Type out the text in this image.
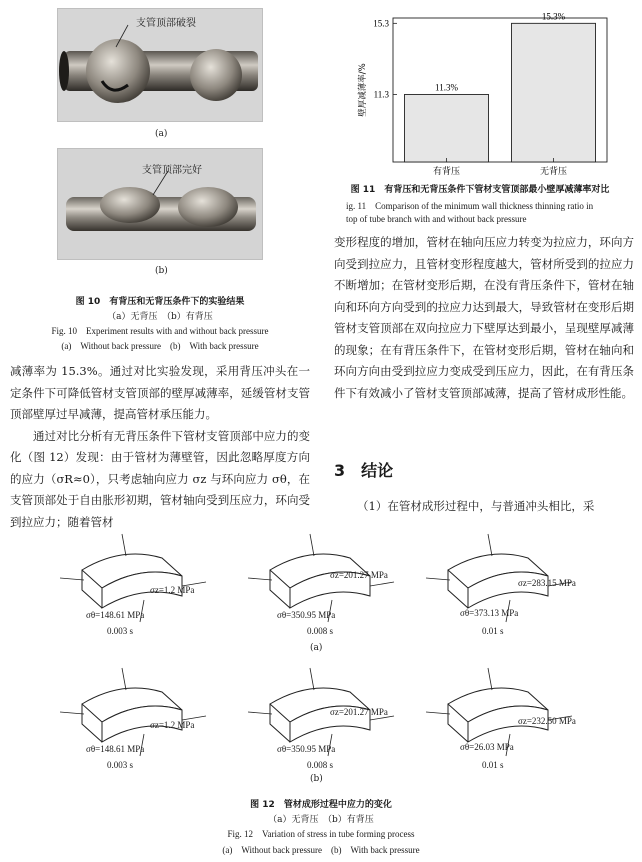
支管顶部破裂
(a)
支管顶部完好
(b)
图 10　有背压和无背压条件下的实验结果
（a）无背压　（b）有背压
Fig. 10　Experiment results with and without back pressure
(a)　Without back pressure　(b)　With back pressure
15.3
11.3
壁厚减薄率/%	11.3%
有背压
15.3%
无背压
图 11　有背压和无背压条件下管材支管顶部最小壁厚减薄率对比
ig. 11　Comparison of the minimum wall thickness thinning ratio in
top of tube branch with and without back pressure

减薄率为 15.3%。通过对比实验发现，采用背压冲头在一定条件下可降低管材支管顶部的壁厚减薄率，延缓管材支管顶部壁厚过早减薄，提高管材承压能力。

通过对比分析有无背压条件下管材支管顶部中应力的变化（图 12）发现：由于管材为薄壁管，因此忽略厚度方向的应力（σR≈0），只考虑轴向应力 σz 与环向应力 σθ，在支管顶部处于自由胀形初期，管材轴向受到压应力，环向受到拉应力；随着管材

变形程度的增加，管材在轴向压应力转变为拉应力，环向方向受到拉应力，且管材变形程度越大，管材所受到的拉应力不断增加；在管材变形后期，在没有背压条件下，管材在轴向和环向方向受到的拉应力达到最大，导致管材在变形后期管材支管顶部在双向拉应力下壁厚达到最小，呈现壁厚减薄的现象；在有背压条件下，在管材变形后期，管材在轴向和环向方向由受到拉应力变成受到压应力，因此，在有背压条件下有效减小了管材支管顶部减薄，提高了管材成形性能。

3 结论
（1）在管材成形过程中，与普通冲头相比，采
σz=1.2 MPa
σθ=148.61 MPa
0.003 s
σz=201.27 MPa
σθ=350.95 MPa
0.008 s
σz=283.15 MPa
σθ=373.13 MPa
0.01 s
(a)
σz=1.2 MPa
σθ=148.61 MPa
0.003 s
σz=201.27 MPa
σθ=350.95 MPa
0.008 s
σz=232.50 MPa
σθ=26.03 MPa
0.01 s
(b)
图 12　管材成形过程中应力的变化
（a）无背压　（b）有背压
Fig. 12　Variation of stress in tube forming process
(a)　Without back pressure　(b)　With back pressure
